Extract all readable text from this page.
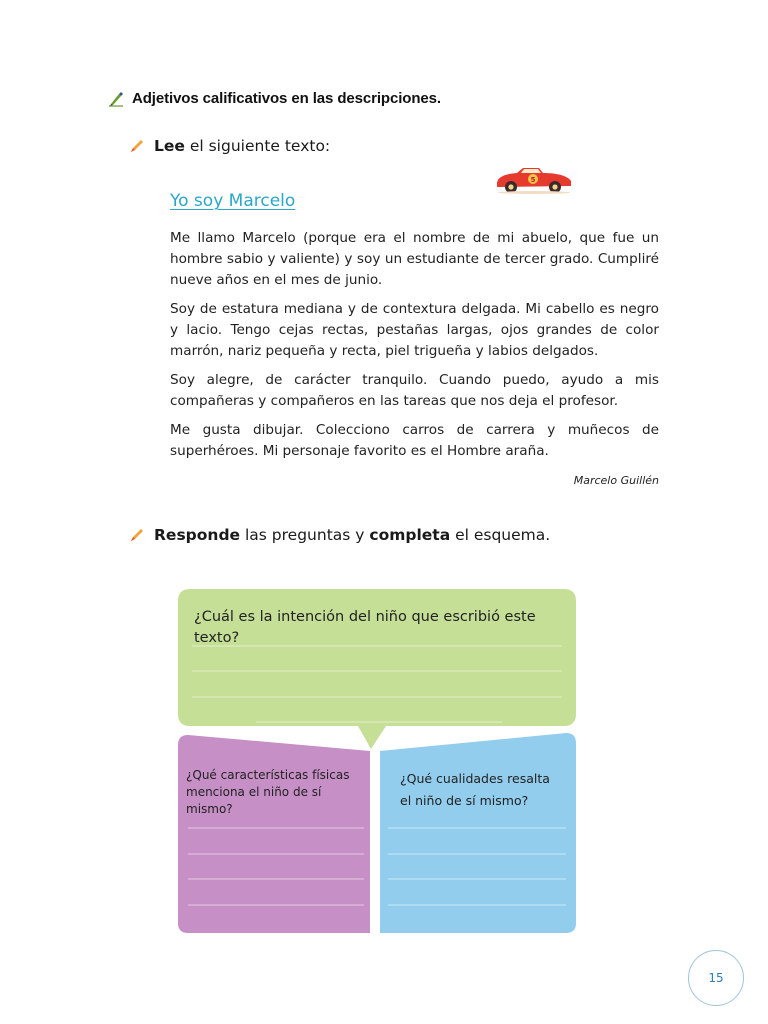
Adjetivos calificativos en las descripciones.
Lee el siguiente texto:
5
Yo soy Marcelo

Me llamo Marcelo (porque era el nombre de mi abuelo, que fue un hombre sabio y valiente) y soy un estudiante de tercer grado. Cumpliré nueve años en el mes de junio.

Soy de estatura mediana y de contextura delgada. Mi cabello es negro y lacio. Tengo cejas rectas, pestañas largas, ojos grandes de color marrón, nariz pequeña y recta, piel trigueña y labios delgados.

Soy alegre, de carácter tranquilo. Cuando puedo, ayudo a mis compañeras y compañeros en las tareas que nos deja el profesor.

Me gusta dibujar. Colecciono carros de carrera y muñecos de superhéroes. Mi personaje favorito es el Hombre araña.

Marcelo Guillén
Responde las preguntas y completa el esquema.
¿Cuál es la intención del niño que escribió este texto?
¿Qué características físicas menciona el niño de sí mismo?
¿Qué cualidades resalta el niño de sí mismo?
15
